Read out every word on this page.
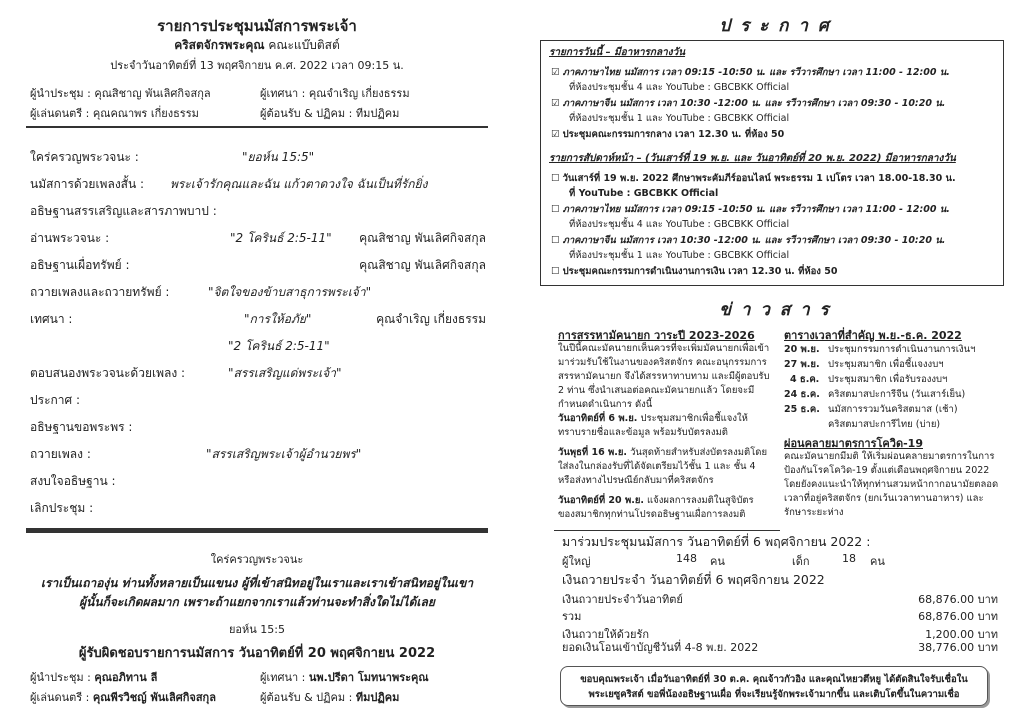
รายการประชุมนมัสการพระเจ้า
คริสตจักรพระคุณ คณะแบ๊บติสต์
ประจำวันอาทิตย์ที่ 13 พฤศจิกายน ค.ศ. 2022 เวลา 09:15 น.
ผู้นำประชุม : คุณสิชาญ พันเลิศกิจสกุล	ผู้เทศนา : คุณจำเริญ เกี่ยงธรรม
ผู้เล่นดนตรี : คุณคณาพร เกี่ยงธรรม	ผู้ต้อนรับ & ปฏิคม : ทีมปฏิคม
ใคร่ครวญพระวจนะ :	"ยอห์น 15:5"
นมัสการด้วยเพลงสั้น : พระเจ้ารักคุณและฉัน แก้วตาดวงใจ ฉันเป็นที่รักยิ่ง
อธิษฐานสรรเสริญและสารภาพบาป :
อ่านพระวจนะ :	"2 โครินธ์ 2:5-11" คุณสิชาญ พันเลิศกิจสกุล
อธิษฐานเผื่อทรัพย์ :	คุณสิชาญ พันเลิศกิจสกุล
ถวายเพลงและถวายทรัพย์ :	"จิตใจของข้าบสาธุการพระเจ้า"
เทศนา :	"การให้อภัย"	คุณจำเริญ เกี่ยงธรรม
"2 โครินธ์ 2:5-11"
ตอบสนองพระวจนะด้วยเพลง :	"สรรเสริญแด่พระเจ้า"
ประกาศ :
อธิษฐานขอพระพร :
ถวายเพลง :	"สรรเสริญพระเจ้าผู้อำนวยพร"
สงบใจอธิษฐาน :
เลิกประชุม :
ใคร่ครวญพระวจนะ
เราเป็นเถาองุ่น ท่านทั้งหลายเป็นแขนง ผู้ที่เข้าสนิทอยู่ในเราและเราเข้าสนิทอยู่ในเขา
ผู้นั้นก็จะเกิดผลมาก เพราะถ้าแยกจากเราแล้วท่านจะทำสิ่งใดไม่ได้เลย
ยอห์น 15:5
ผู้รับผิดชอบรายการนมัสการ วันอาทิตย์ที่ 20 พฤศจิกายน 2022
ผู้นำประชุม : คุณอภิทาน ลี	ผู้เทศนา : นพ.ปรีดา โมทนาพระคุณ
ผู้เล่นดนตรี : คุณพีรวิชญ์ พันเลิศกิจสกุล	ผู้ต้อนรับ & ปฏิคม : ทีมปฏิคม
ป ร ะ ก า ศ
รายการวันนี้ – มีอาหารกลางวัน
☑ ภาคภาษาไทย นมัสการ เวลา 09:15 -10:50 น. และ รวีวารศึกษา เวลา 11:00 - 12:00 น.
ที่ห้องประชุมชั้น 4 และ YouTube : GBCBKK Official
☑ ภาคภาษาจีน นมัสการ เวลา 10:30 -12:00 น. และ รวีวารศึกษา เวลา 09:30 - 10:20 น.
ที่ห้องประชุมชั้น 1 และ YouTube : GBCBKK Official
☑ ประชุมคณะกรรมการกลาง เวลา 12.30 น. ที่ห้อง 50
รายการสัปดาห์หน้า – (วันเสาร์ที่ 19 พ.ย. และ วันอาทิตย์ที่ 20 พ.ย. 2022) มีอาหารกลางวัน
☐ วันเสาร์ที่ 19 พ.ย. 2022 ศึกษาพระคัมภีร์ออนไลน์ พระธรรม 1 เปโตร เวลา 18.00-18.30 น.
ที่ YouTube : GBCBKK Official
☐ ภาคภาษาไทย นมัสการ เวลา 09:15 -10:50 น. และ รวีวารศึกษา เวลา 11:00 - 12:00 น.
ที่ห้องประชุมชั้น 4 และ YouTube : GBCBKK Official
☐ ภาคภาษาจีน นมัสการ เวลา 10:30 -12:00 น. และ รวีวารศึกษา เวลา 09:30 - 10:20 น.
ที่ห้องประชุมชั้น 1 และ YouTube : GBCBKK Official
☐ ประชุมคณะกรรมการดำเนินงานการเงิน เวลา 12.30 น. ที่ห้อง 50
ข่ า ว ส า ร
การสรรหามัคนายก วาระปี 2023-2026
ในปีนี้คณะมัคนายกเห็นควรที่จะเพิ่มมัคนายกเพื่อเข้ามาร่วมรับใช้ในงานของคริสตจักร คณะอนุกรรมการสรรหามัคนายก จึงได้สรรหาทาบทาม และมีผู้ตอบรับ 2 ท่าน ซึ่งนำเสนอต่อคณะมัคนายกแล้ว โดยจะมีกำหนดดำเนินการ ดังนี้
วันอาทิตย์ที่ 6 พ.ย. ประชุมสมาชิกเพื่อชี้แจงให้ทราบรายชื่อและข้อมูล พร้อมรับบัตรลงมติ
วันพุธที่ 16 พ.ย. วันสุดท้ายสำหรับส่งบัตรลงมติโดยใส่ลงในกล่องรับที่ได้จัดเตรียมไว้ชั้น 1 และ ชั้น 4 หรือส่งทางไปรษณีย์กลับมาที่คริสตจักร
วันอาทิตย์ที่ 20 พ.ย. แจ้งผลการลงมติในสูจิบัตรของสมาชิกทุกท่านโปรดอธิษฐานเผื่อการลงมติ
ตารางเวลาที่สำคัญ พ.ย.-ธ.ค. 2022
20 พ.ย. ประชุมกรรมการดำเนินงานการเงินฯ
27 พ.ย. ประชุมสมาชิก เพื่อชี้แจงงบฯ
4 ธ.ค. ประชุมสมาชิก เพื่อรับรองงบฯ
24 ธ.ค. คริสตมาสปะการีจีน (วันเสาร์เย็น)
25 ธ.ค. นมัสการรวมวันคริสตมาส (เช้า)
คริสตมาสปะการีไทย (บ่าย)
ผ่อนคลายมาตรการโควิด-19
คณะมัคนายกมีมติ ให้เริ่มผ่อนคลายมาตรการในการป้องกันโรคโควิด-19 ตั้งแต่เดือนพฤศจิกายน 2022 โดยยังคงแนะนำให้ทุกท่านสวมหน้ากากอนามัยตลอดเวลาที่อยู่คริสตจักร (ยกเว้นเวลาทานอาหาร) และรักษาระยะห่าง
มาร่วมประชุมนมัสการ วันอาทิตย์ที่ 6 พฤศจิกายน 2022 :
ผู้ใหญ่	148 คน	เด็ก	18 คน
เงินถวายประจำ วันอาทิตย์ที่ 6 พฤศจิกายน 2022
เงินถวายประจำวันอาทิตย์	68,876.00 บาท
รวม	68,876.00 บาท
เงินถวายให้ด้วยรัก	1,200.00 บาท
ยอดเงินโอนเข้าบัญชีวันที่ 4-8 พ.ย. 2022	38,776.00 บาท
ขอบคุณพระเจ้า เมื่อวันอาทิตย์ที่ 30 ต.ค. คุณจ้าวกัวอิง และคุณไหยวตึหยู ได้ตัดสินใจรับเชื่อใน
พระเยซูคริสต์ ขอพี่น้องอธิษฐานเผื่อ ที่จะเรียนรู้จักพระเจ้ามากขึ้น และเติบโตขึ้นในความเชื่อ
